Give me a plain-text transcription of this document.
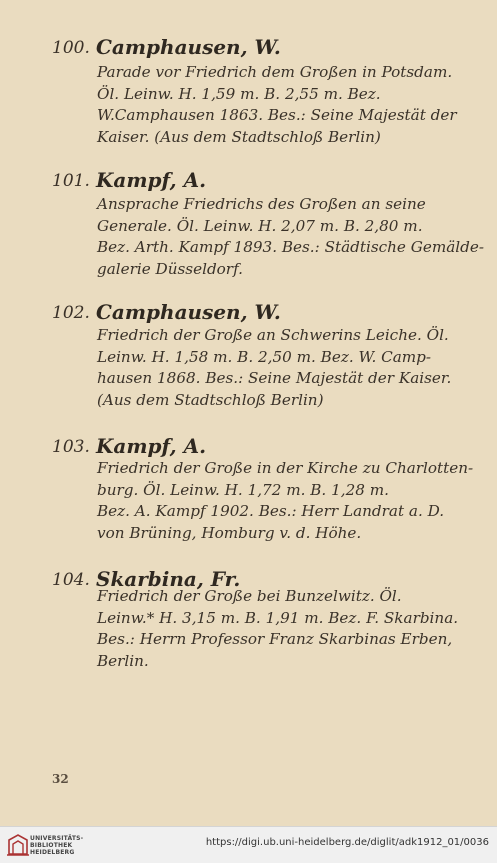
100. Camphausen, W.
Parade vor Friedrich dem Großen in Potsdam.
Öl. Leinw. H. 1,59 m. B. 2,55 m. Bez.
W.Camphausen 1863. Bes.: Seine Majestät der
Kaiser. (Aus dem Stadtschloß Berlin)
101. Kampf, A.
Ansprache Friedrichs des Großen an seine
Generale. Öl. Leinw. H. 2,07 m. B. 2,80 m.
Bez. Arth. Kampf 1893. Bes.: Städtische Gemälde-
galerie Düsseldorf.
102. Camphausen, W.
Friedrich der Große an Schwerins Leiche. Öl.
Leinw. H. 1,58 m. B. 2,50 m. Bez. W. Camp-
hausen 1868. Bes.: Seine Majestät der Kaiser.
(Aus dem Stadtschloß Berlin)
103. Kampf, A.
Friedrich der Große in der Kirche zu Charlotten-
burg. Öl. Leinw. H. 1,72 m. B. 1,28 m.
Bez. A. Kampf 1902. Bes.: Herr Landrat a. D.
von Brüning, Homburg v. d. Höhe.
104. Skarbina, Fr.
Friedrich der Große bei Bunzelwitz. Öl.
Leinw.* H. 3,15 m. B. 1,91 m. Bez. F. Skarbina.
Bes.: Herrn Professor Franz Skarbinas Erben,
Berlin.
32
UNIVERSITÄTS-
BIBLIOTHEK
HEIDELBERG
https://digi.ub.uni-heidelberg.de/diglit/adk1912_01/0036
